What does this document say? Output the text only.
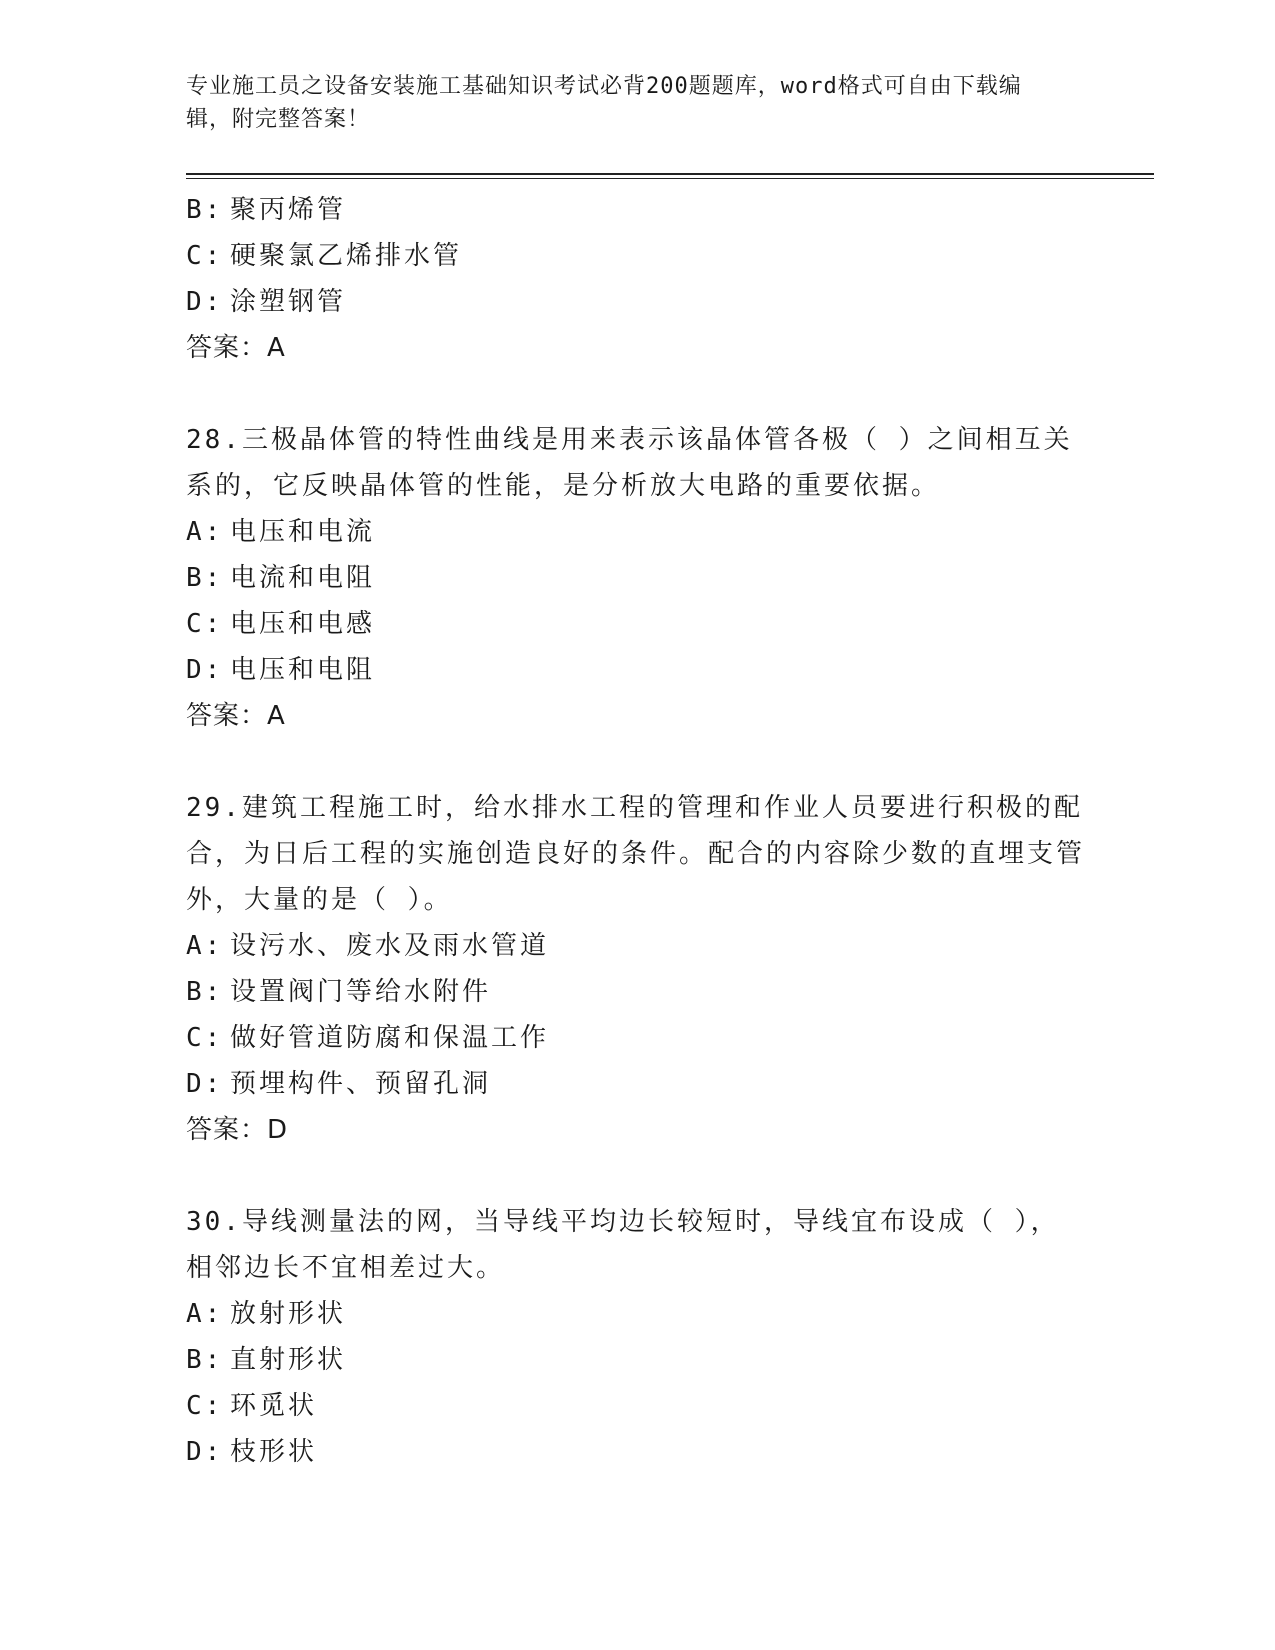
专业施工员之设备安装施工基础知识考试必背200题题库，word格式可自由下载编辑，附完整答案！
B: 聚丙烯管
C: 硬聚氯乙烯排水管
D: 涂塑钢管
答案：A
28.三极晶体管的特性曲线是用来表示该晶体管各极（ ）之间相互关系的，它反映晶体管的性能，是分析放大电路的重要依据。
A: 电压和电流
B: 电流和电阻
C: 电压和电感
D: 电压和电阻
答案：A
29.建筑工程施工时，给水排水工程的管理和作业人员要进行积极的配合，为日后工程的实施创造良好的条件。配合的内容除少数的直埋支管外，大量的是（ ）。
A: 设污水、废水及雨水管道
B: 设置阀门等给水附件
C: 做好管道防腐和保温工作
D: 预埋构件、预留孔洞
答案：D
30.导线测量法的网，当导线平均边长较短时，导线宜布设成（ ），相邻边长不宜相差过大。
A: 放射形状
B: 直射形状
C: 环觅状
D: 枝形状
